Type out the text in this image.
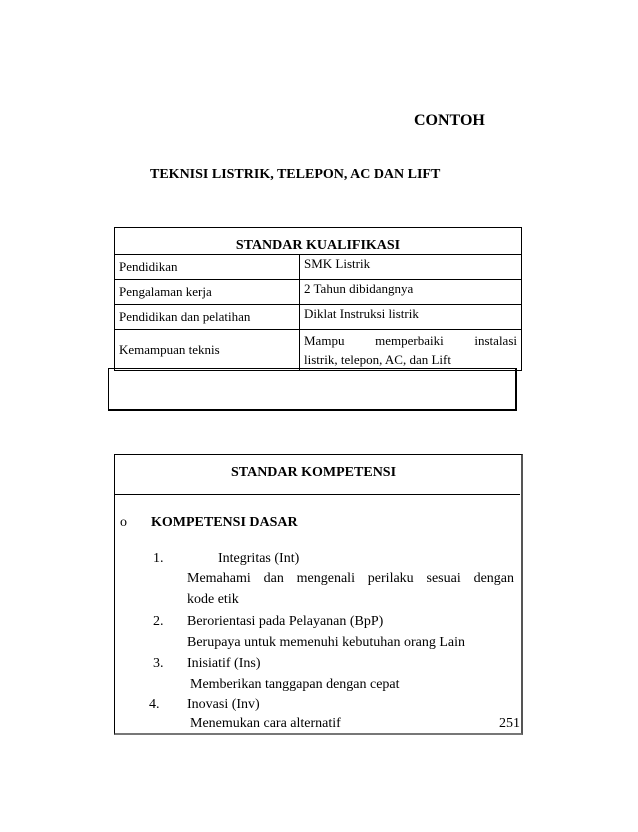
CONTOH
TEKNISI LISTRIK, TELEPON, AC DAN LIFT
STANDAR KUALIFIKASI	
Pendidikan	SMK Listrik
Pengalaman kerja	2 Tahun dibidangnya
Pendidikan dan pelatihan	Diklat Instruksi listrik
Kemampuan teknis	Mampu memperbaiki instalasi
listrik, telepon, AC, dan Lift
STANDAR KOMPETENSI
o KOMPETENSI DASAR
1.	Integritas (Int)
Memahami dan mengenali perilaku sesuai dengan
kode etik
2. Berorientasi pada Pelayanan (BpP)
Berupaya untuk memenuhi kebutuhan orang Lain
3. Inisiatif (Ins)
Memberikan tanggapan dengan cepat
4. Inovasi (Inv)
Menemukan cara alternatif	251
